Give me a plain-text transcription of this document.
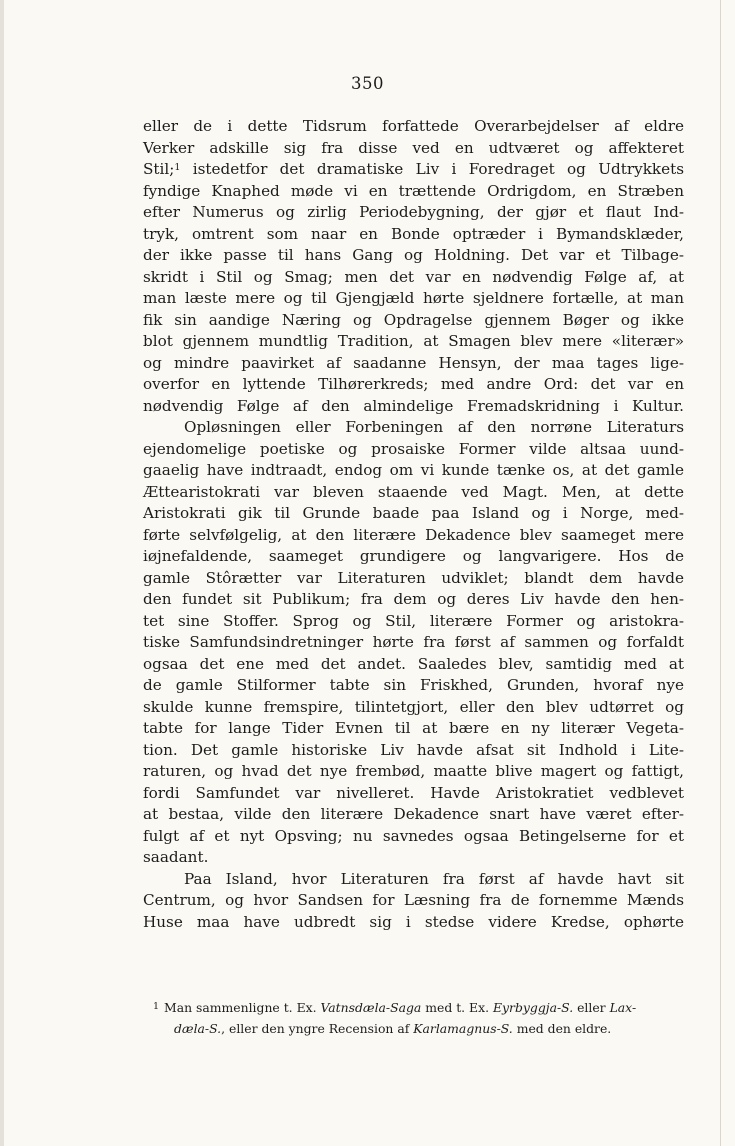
350
eller de i dette Tidsrum forfattede Overarbejdelser af eldre
Verker adskille sig fra disse ved en udtværet og affekteret
Stil;$^1$ istedetfor det dramatiske Liv i Foredraget og Udtrykkets
fyndige Knaphed møde vi en trættende Ordrigdom, en Stræben
efter Numerus og zirlig Periodebygning, der gjør et flaut Ind-
tryk, omtrent som naar en Bonde optræder i Bymandsklæder,
der ikke passe til hans Gang og Holdning. Det var et Tilbage-
skridt i Stil og Smag; men det var en nødvendig Følge af, at
man læste mere og til Gjengjæld hørte sjeldnere fortælle, at man
fik sin aandige Næring og Opdragelse gjennem Bøger og ikke
blot gjennem mundtlig Tradition, at Smagen blev mere «literær»
og mindre paavirket af saadanne Hensyn, der maa tages lige-
overfor en lyttende Tilhørerkreds; med andre Ord: det var en
nødvendig Følge af den almindelige Fremadskridning i Kultur.
Opløsningen eller Forbeningen af den norrøne Literaturs
ejendomelige poetiske og prosaiske Former vilde altsaa uund-
gaaelig have indtraadt, endog om vi kunde tænke os, at det gamle
Ættearistokrati var bleven staaende ved Magt. Men, at dette
Aristokrati gik til Grunde baade paa Island og i Norge, med-
førte selvfølgelig, at den literære Dekadence blev saameget mere
iøjnefaldende, saameget grundigere og langvarigere. Hos de
gamle Stôrætter var Literaturen udviklet; blandt dem havde
den fundet sit Publikum; fra dem og deres Liv havde den hen-
tet sine Stoffer. Sprog og Stil, literære Former og aristokra-
tiske Samfundsindretninger hørte fra først af sammen og forfaldt
ogsaa det ene med det andet. Saaledes blev, samtidig med at
de gamle Stilformer tabte sin Friskhed, Grunden, hvoraf nye
skulde kunne fremspire, tilintetgjort, eller den blev udtørret og
tabte for lange Tider Evnen til at bære en ny literær Vegeta-
tion. Det gamle historiske Liv havde afsat sit Indhold i Lite-
raturen, og hvad det nye frembød, maatte blive magert og fattigt,
fordi Samfundet var nivelleret. Havde Aristokratiet vedblevet
at bestaa, vilde den literære Dekadence snart have været efter-
fulgt af et nyt Opsving; nu savnedes ogsaa Betingelserne for et
saadant.
Paa Island, hvor Literaturen fra først af havde havt sit
Centrum, og hvor Sandsen for Læsning fra de fornemme Mænds
Huse maa have udbredt sig i stedse videre Kredse, ophørte
$^1$ Man sammenligne t. Ex. Vatnsdæla-Saga med t. Ex. Eyrbyggja-S. eller Lax-
dæla-S., eller den yngre Recension af Karlamagnus-S. med den eldre.
